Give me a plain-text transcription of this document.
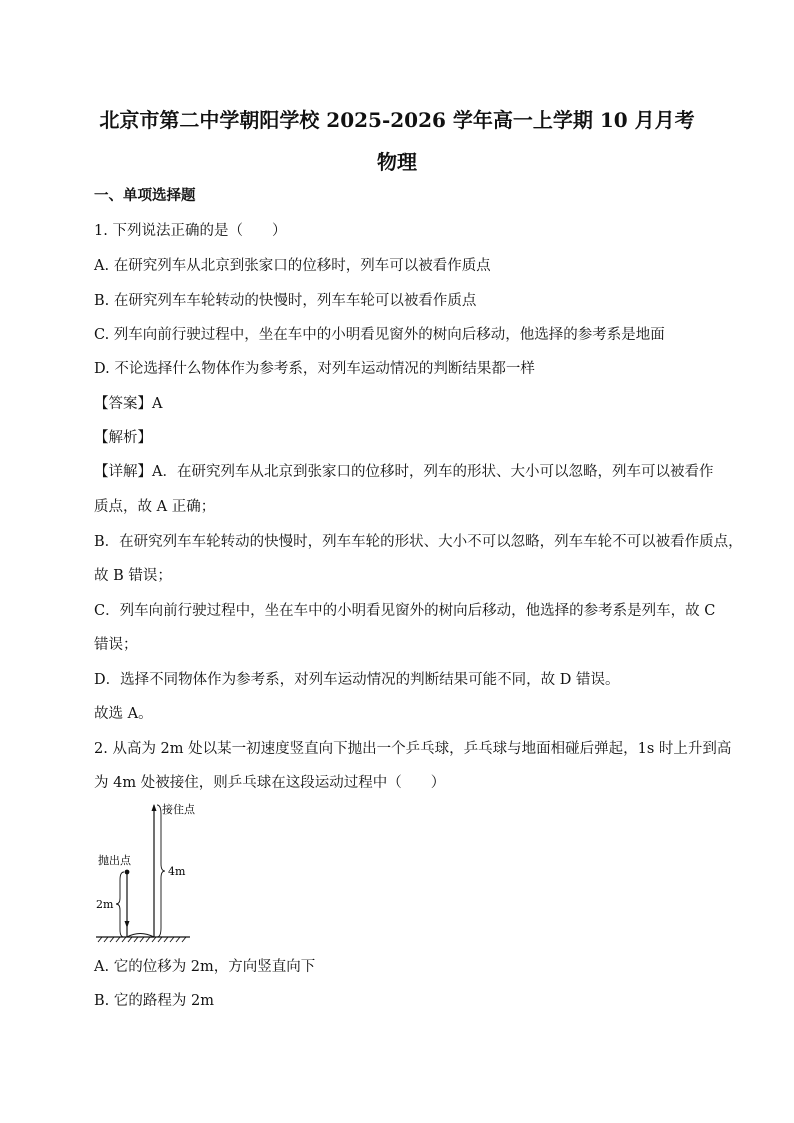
北京市第二中学朝阳学校 2025-2026 学年高一上学期 10 月月考
物理
一、单项选择题
1. 下列说法正确的是（　　）
A. 在研究列车从北京到张家口的位移时，列车可以被看作质点
B. 在研究列车车轮转动的快慢时，列车车轮可以被看作质点
C. 列车向前行驶过程中，坐在车中的小明看见窗外的树向后移动，他选择的参考系是地面
D. 不论选择什么物体作为参考系，对列车运动情况的判断结果都一样
【答案】A
【解析】
【详解】A．在研究列车从北京到张家口的位移时，列车的形状、大小可以忽略，列车可以被看作
质点，故 A 正确；
B．在研究列车车轮转动的快慢时，列车车轮的形状、大小不可以忽略，列车车轮不可以被看作质点，
故 B 错误；
C．列车向前行驶过程中，坐在车中的小明看见窗外的树向后移动，他选择的参考系是列车，故 C
错误；
D．选择不同物体作为参考系，对列车运动情况的判断结果可能不同，故 D 错误。
故选 A。
2. 从高为 2m 处以某一初速度竖直向下抛出一个乒乓球，乒乓球与地面相碰后弹起，1s 时上升到高
为 4m 处被接住，则乒乓球在这段运动过程中（　　）
接住点
抛出点
4m
2m
A. 它的位移为 2m，方向竖直向下
B. 它的路程为 2m
